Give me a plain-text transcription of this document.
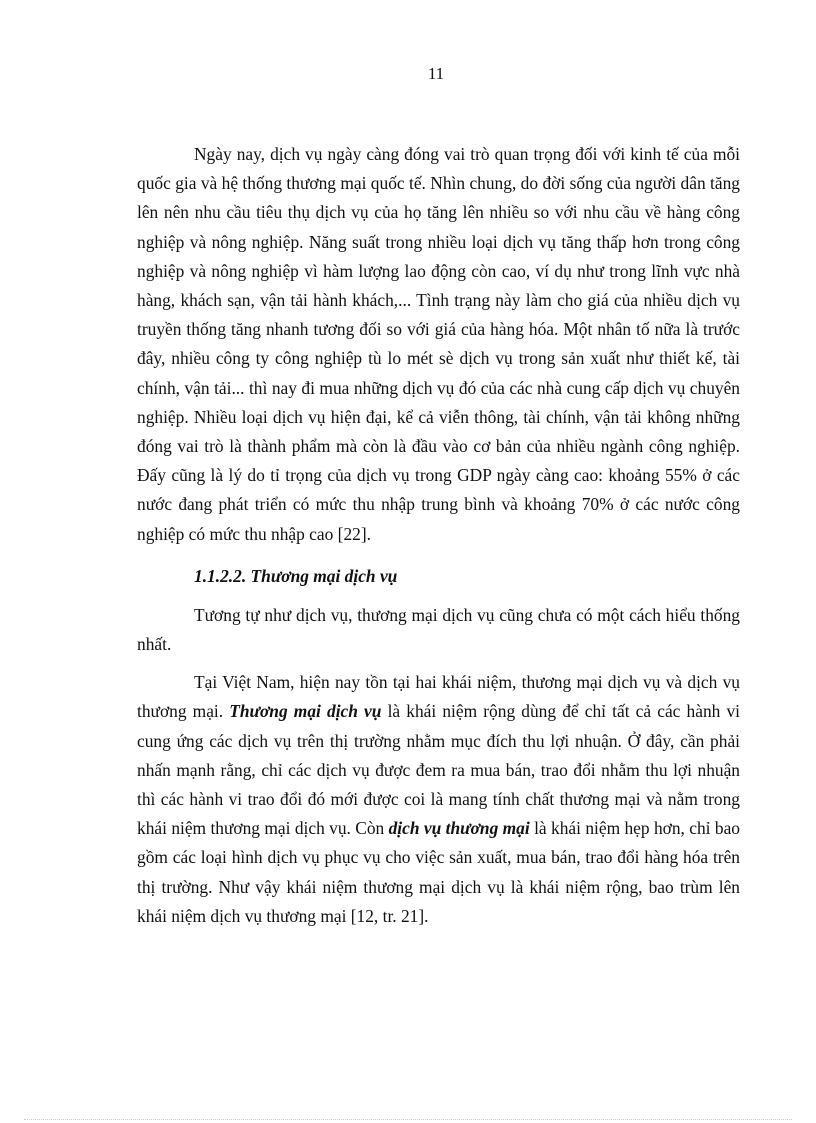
11

Ngày nay, dịch vụ ngày càng đóng vai trò quan trọng đối với kinh tế của mỗi quốc gia và hệ thống thương mại quốc tế. Nhìn chung, do đời sống của người dân tăng lên nên nhu cầu tiêu thụ dịch vụ của họ tăng lên nhiều so với nhu cầu về hàng công nghiệp và nông nghiệp. Năng suất trong nhiều loại dịch vụ tăng thấp hơn trong công nghiệp và nông nghiệp vì hàm lượng lao động còn cao, ví dụ như trong lĩnh vực nhà hàng, khách sạn, vận tải hành khách,... Tình trạng này làm cho giá của nhiều dịch vụ truyền thống tăng nhanh tương đối so với giá của hàng hóa. Một nhân tố nữa là trước đây, nhiều công ty công nghiệp tù lo mét sè dịch vụ trong sản xuất như thiết kế, tài chính, vận tải... thì nay đi mua những dịch vụ đó của các nhà cung cấp dịch vụ chuyên nghiệp. Nhiều loại dịch vụ hiện đại, kể cả viễn thông, tài chính, vận tải không những đóng vai trò là thành phẩm mà còn là đầu vào cơ bản của nhiều ngành công nghiệp. Đấy cũng là lý do tỉ trọng của dịch vụ trong GDP ngày càng cao: khoảng 55% ở các nước đang phát triển có mức thu nhập trung bình và khoảng 70% ở các nước công nghiệp có mức thu nhập cao [22].

1.1.2.2. Thương mại dịch vụ

Tương tự như dịch vụ, thương mại dịch vụ cũng chưa có một cách hiểu thống nhất.

Tại Việt Nam, hiện nay tồn tại hai khái niệm, thương mại dịch vụ và dịch vụ thương mại. Thương mại dịch vụ là khái niệm rộng dùng để chỉ tất cả các hành vi cung ứng các dịch vụ trên thị trường nhằm mục đích thu lợi nhuận. Ở đây, cần phải nhấn mạnh rằng, chỉ các dịch vụ được đem ra mua bán, trao đổi nhằm thu lợi nhuận thì các hành vi trao đổi đó mới được coi là mang tính chất thương mại và nằm trong khái niệm thương mại dịch vụ. Còn dịch vụ thương mại là khái niệm hẹp hơn, chỉ bao gồm các loại hình dịch vụ phục vụ cho việc sản xuất, mua bán, trao đổi hàng hóa trên thị trường. Như vậy khái niệm thương mại dịch vụ là khái niệm rộng, bao trùm lên khái niệm dịch vụ thương mại [12, tr. 21].
